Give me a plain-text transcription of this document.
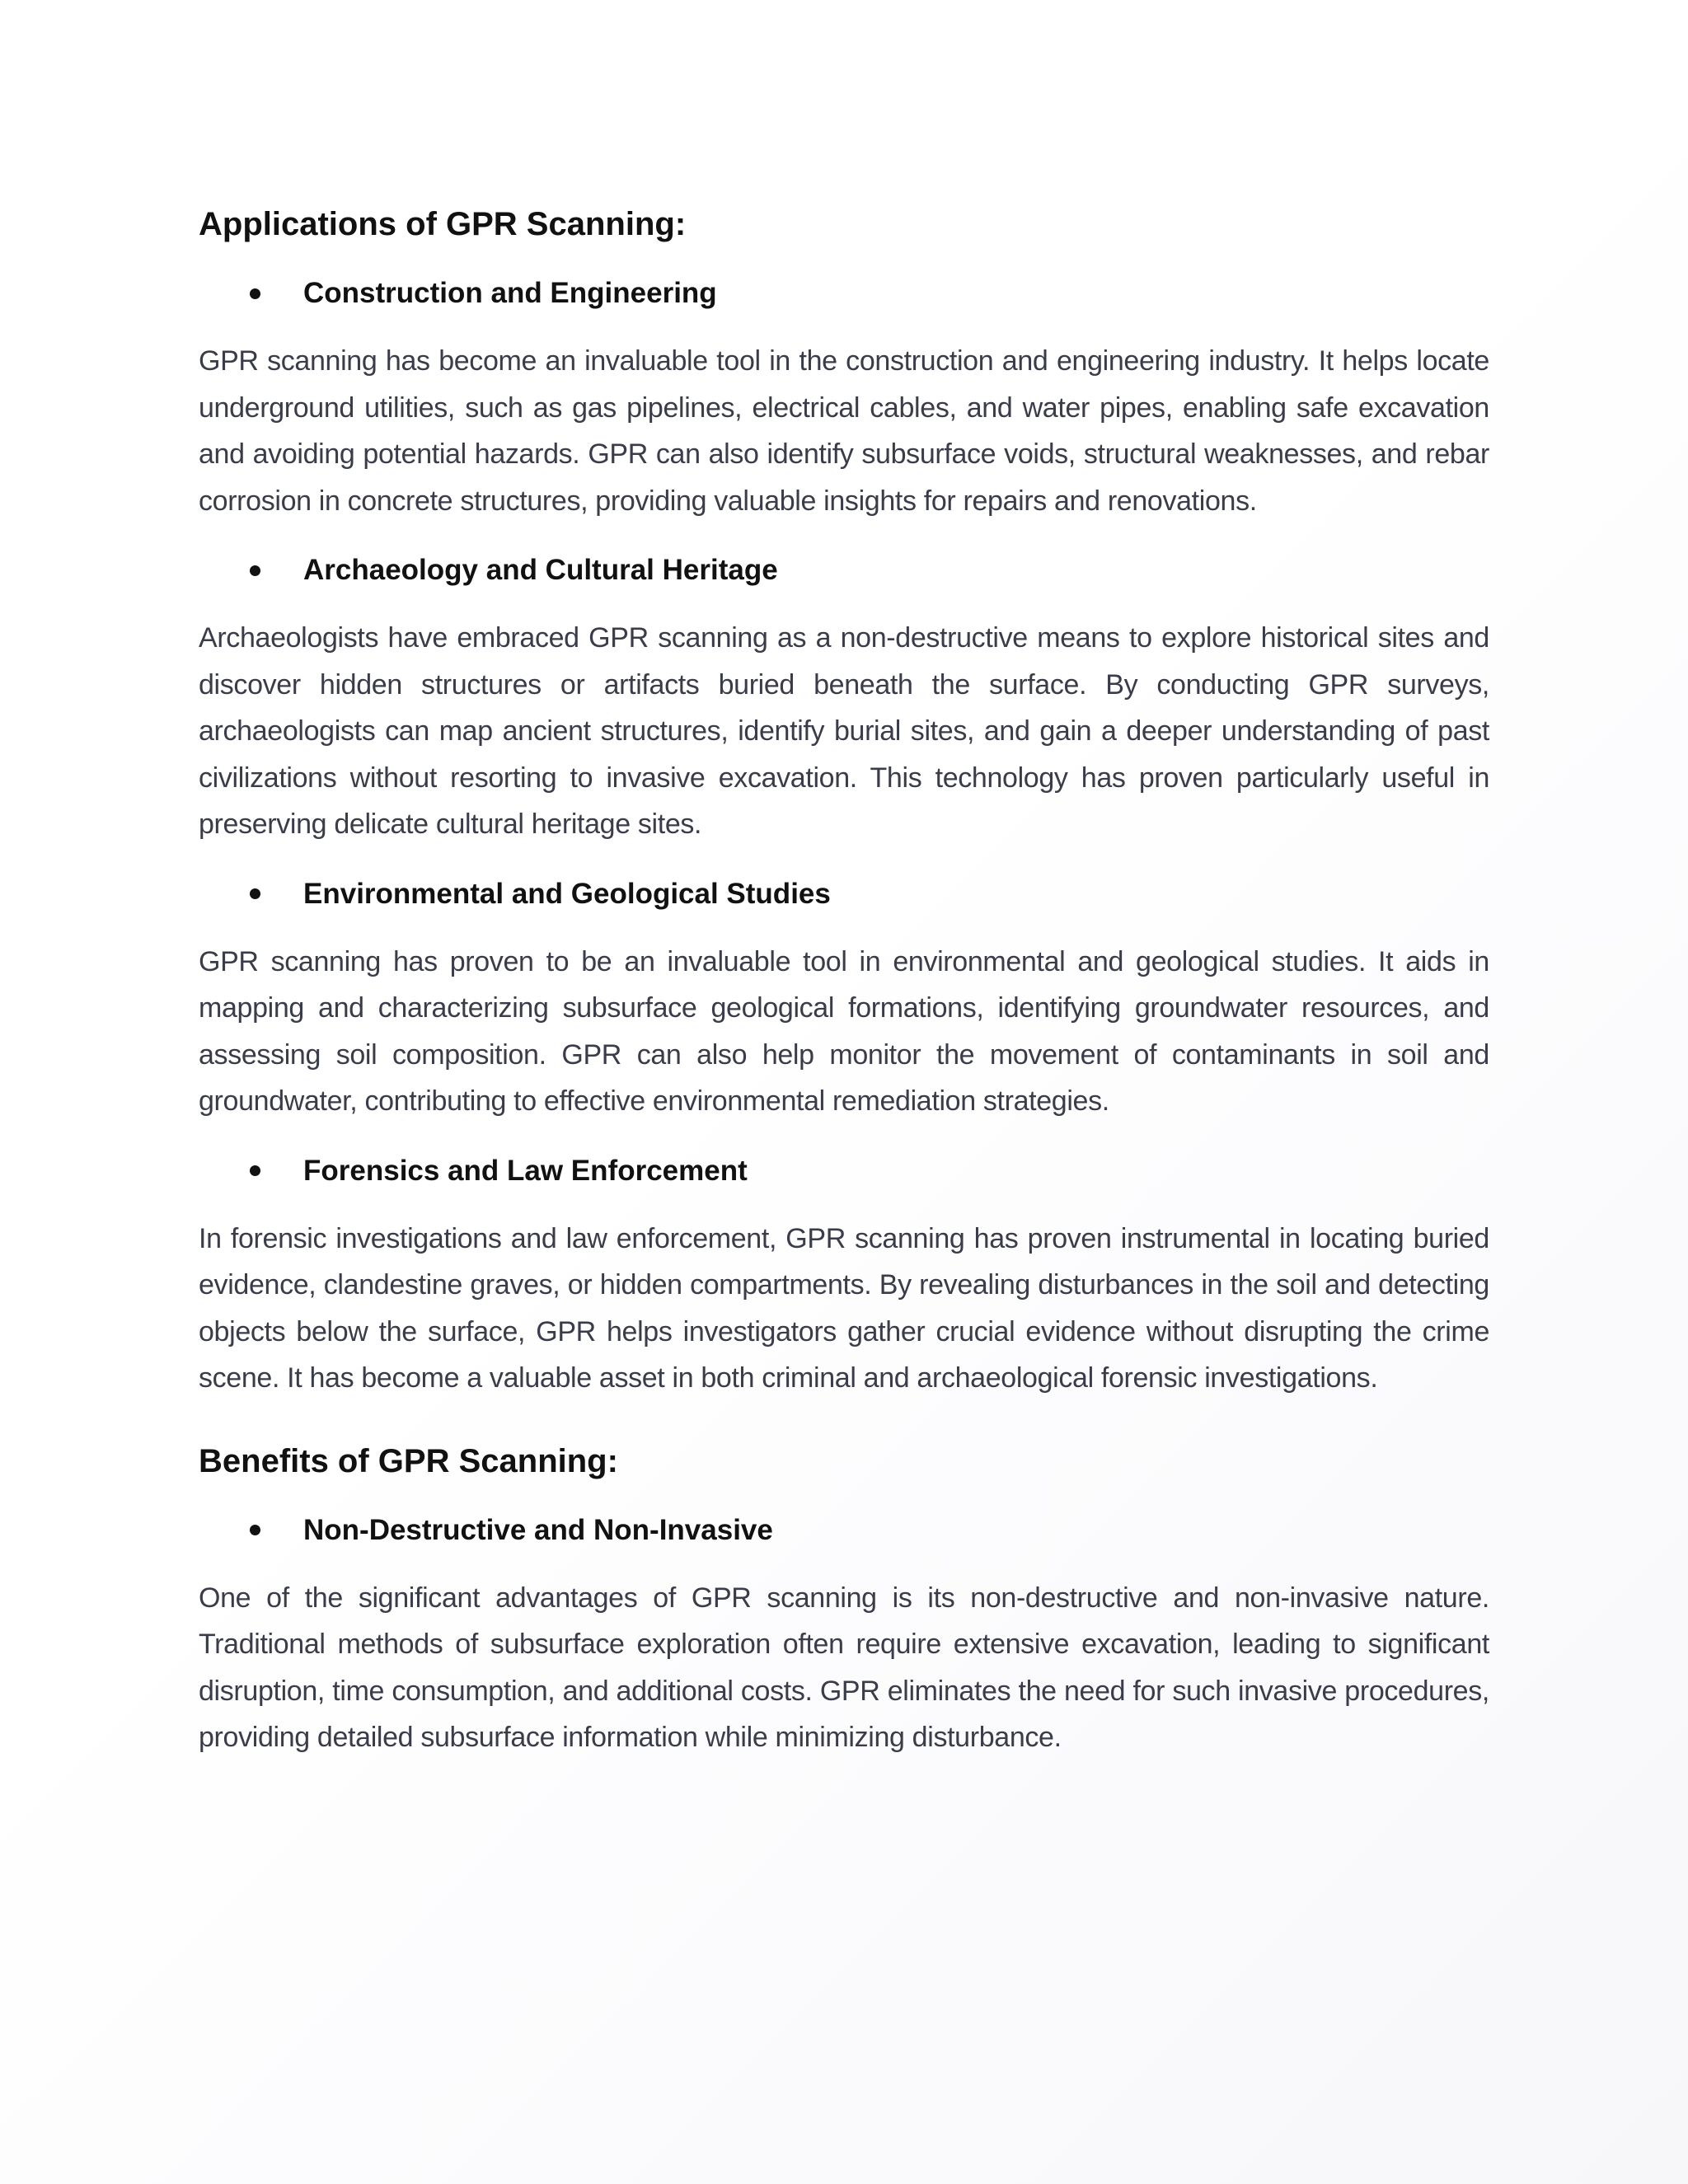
Applications of GPR Scanning:
Construction and Engineering

GPR scanning has become an invaluable tool in the construction and engineering industry. It helps locate underground utilities, such as gas pipelines, electrical cables, and water pipes, enabling safe excavation and avoiding potential hazards. GPR can also identify subsurface voids, structural weaknesses, and rebar corrosion in concrete structures, providing valuable insights for repairs and renovations.

Archaeology and Cultural Heritage

Archaeologists have embraced GPR scanning as a non-destructive means to explore historical sites and discover hidden structures or artifacts buried beneath the surface. By conducting GPR surveys, archaeologists can map ancient structures, identify burial sites, and gain a deeper understanding of past civilizations without resorting to invasive excavation. This technology has proven particularly useful in preserving delicate cultural heritage sites.

Environmental and Geological Studies

GPR scanning has proven to be an invaluable tool in environmental and geological studies. It aids in mapping and characterizing subsurface geological formations, identifying groundwater resources, and assessing soil composition. GPR can also help monitor the movement of contaminants in soil and groundwater, contributing to effective environmental remediation strategies.

Forensics and Law Enforcement

In forensic investigations and law enforcement, GPR scanning has proven instrumental in locating buried evidence, clandestine graves, or hidden compartments. By revealing disturbances in the soil and detecting objects below the surface, GPR helps investigators gather crucial evidence without disrupting the crime scene. It has become a valuable asset in both criminal and archaeological forensic investigations.

Benefits of GPR Scanning:
Non-Destructive and Non-Invasive

One of the significant advantages of GPR scanning is its non-destructive and non-invasive nature. Traditional methods of subsurface exploration often require extensive excavation, leading to significant disruption, time consumption, and additional costs. GPR eliminates the need for such invasive procedures, providing detailed subsurface information while minimizing disturbance.
